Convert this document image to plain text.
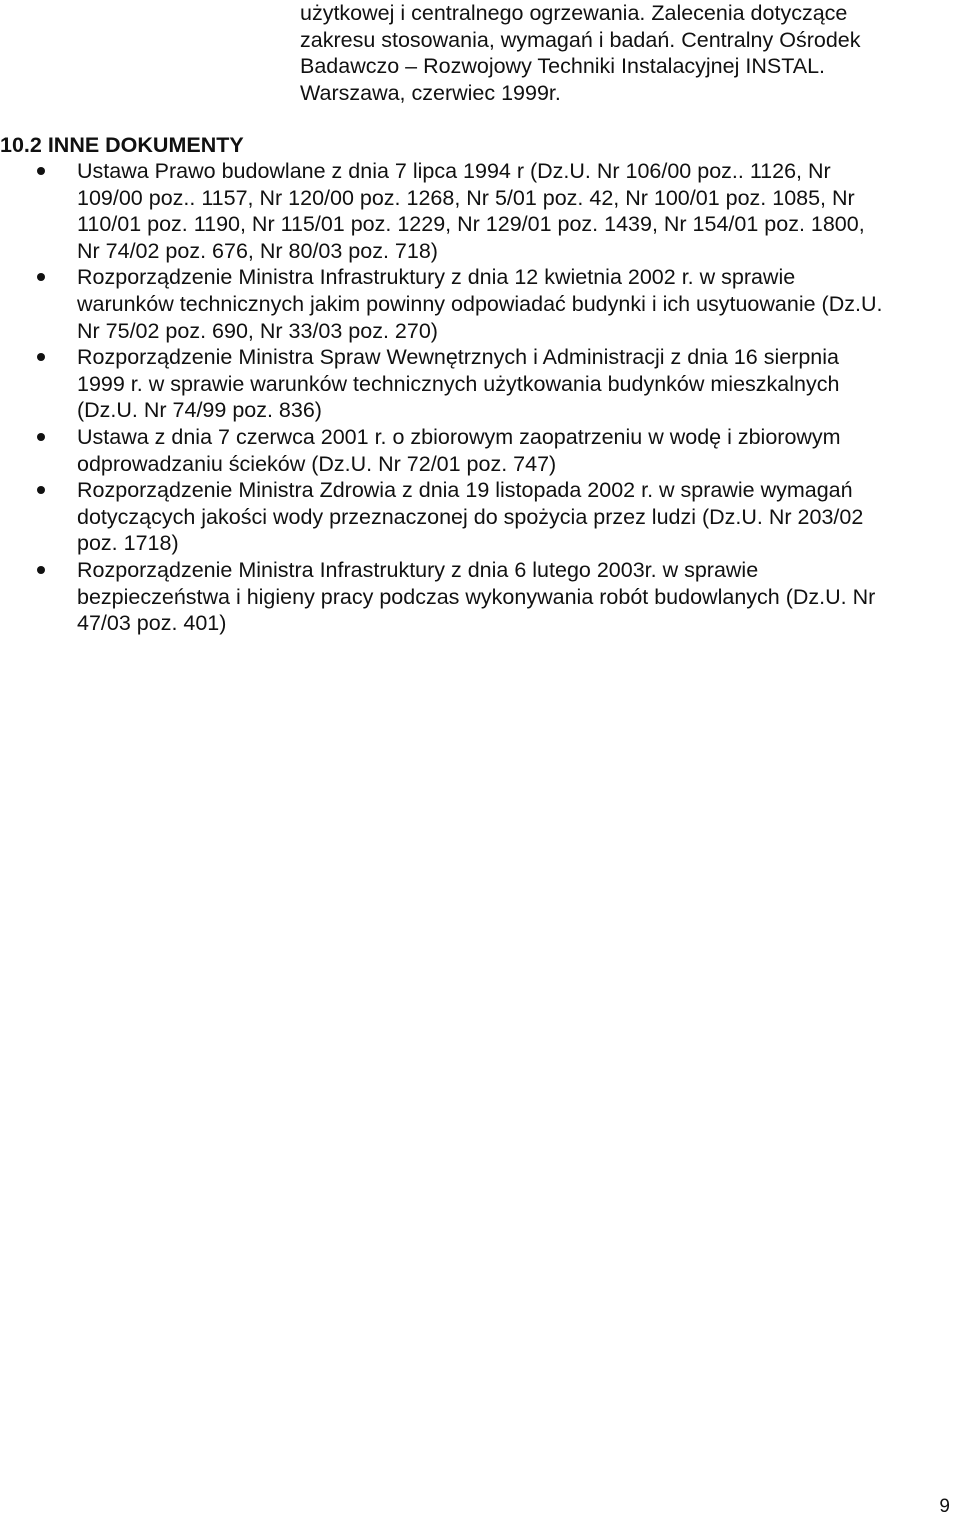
użytkowej i centralnego ogrzewania. Zalecenia dotyczące
zakresu stosowania, wymagań i badań. Centralny Ośrodek
Badawczo – Rozwojowy Techniki Instalacyjnej INSTAL.
Warszawa, czerwiec 1999r.
10.2 INNE DOKUMENTY
Ustawa Prawo budowlane z dnia 7 lipca 1994 r (Dz.U. Nr 106/00 poz.. 1126, Nr
109/00 poz.. 1157, Nr 120/00 poz. 1268, Nr 5/01 poz. 42, Nr 100/01 poz. 1085, Nr
110/01 poz. 1190, Nr 115/01 poz. 1229, Nr 129/01 poz. 1439, Nr 154/01 poz. 1800,
Nr 74/02 poz. 676, Nr 80/03 poz. 718)
Rozporządzenie Ministra Infrastruktury z dnia 12 kwietnia 2002 r. w sprawie
warunków technicznych jakim powinny odpowiadać budynki i ich usytuowanie (Dz.U.
Nr 75/02 poz. 690, Nr 33/03 poz. 270)
Rozporządzenie Ministra Spraw Wewnętrznych i Administracji z dnia 16 sierpnia
1999 r. w sprawie warunków technicznych użytkowania budynków mieszkalnych
(Dz.U. Nr 74/99 poz. 836)
Ustawa z dnia 7 czerwca 2001 r. o zbiorowym zaopatrzeniu w wodę i zbiorowym
odprowadzaniu ścieków (Dz.U. Nr 72/01 poz. 747)
Rozporządzenie Ministra Zdrowia z dnia 19 listopada 2002 r. w sprawie wymagań
dotyczących jakości wody przeznaczonej do spożycia przez ludzi (Dz.U. Nr 203/02
poz. 1718)
Rozporządzenie Ministra Infrastruktury z dnia 6 lutego 2003r. w sprawie
bezpieczeństwa i higieny pracy podczas wykonywania robót budowlanych (Dz.U. Nr
47/03 poz. 401)
9
